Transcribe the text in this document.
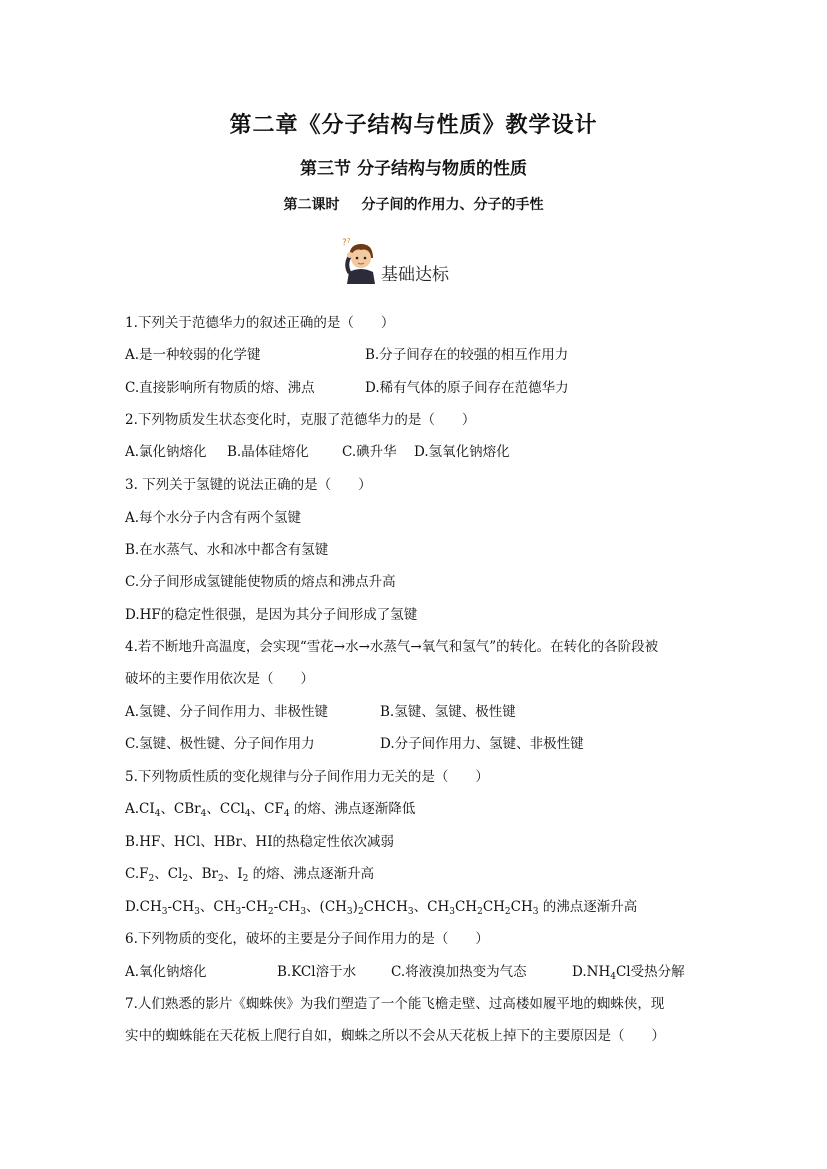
第二章《分子结构与性质》教学设计
第三节 分子结构与物质的性质
第二课时 分子间的作用力、分子的手性
? ?
基础达标
1.下列关于范德华力的叙述正确的是（　　）
A.是一种较弱的化学键	B.分子间存在的较强的相互作用力
C.直接影响所有物质的熔、沸点	D.稀有气体的原子间存在范德华力
2.下列物质发生状态变化时，克服了范德华力的是（　　）
A.氯化钠熔化 B.晶体硅熔化 C.碘升华 D.氢氧化钠熔化
3. 下列关于氢键的说法正确的是（　　）
A.每个水分子内含有两个氢键
B.在水蒸气、水和冰中都含有氢键
C.分子间形成氢键能使物质的熔点和沸点升高
D.HF的稳定性很强，是因为其分子间形成了氢键
4.若不断地升高温度，会实现“雪花→水→水蒸气→氧气和氢气”的转化。在转化的各阶段被
破坏的主要作用依次是（　　）
A.氢键、分子间作用力、非极性键	B.氢键、氢键、极性键
C.氢键、极性键、分子间作用力	D.分子间作用力、氢键、非极性键
5.下列物质性质的变化规律与分子间作用力无关的是（　　）
$A.CI_4$、CBr$_4$、CCl$_4$、$CF_4$ 的熔、沸点逐渐降低
B.HF、HCl、HBr、HI的热稳定性依次减弱
$C.F_2$、$Cl_2$、$Br_2$、$I_2$ 的熔、沸点逐渐升高
$D.CH_3-CH_3$、$CH_3-CH_2-CH_3$、$(CH_3)_2CHCH_3$、$CH_3CH_2CH_2CH_3$ 的沸点逐渐升高
6.下列物质的变化，破坏的主要是分子间作用力的是（　　）
A.氧化钠熔化	B.KCl溶于水	C.将液溴加热变为气态	$D.NH_4Cl$受热分解
7.人们熟悉的影片《蜘蛛侠》为我们塑造了一个能飞檐走壁、过高楼如履平地的蜘蛛侠，现
实中的蜘蛛能在天花板上爬行自如，蜘蛛之所以不会从天花板上掉下的主要原因是（　　）
